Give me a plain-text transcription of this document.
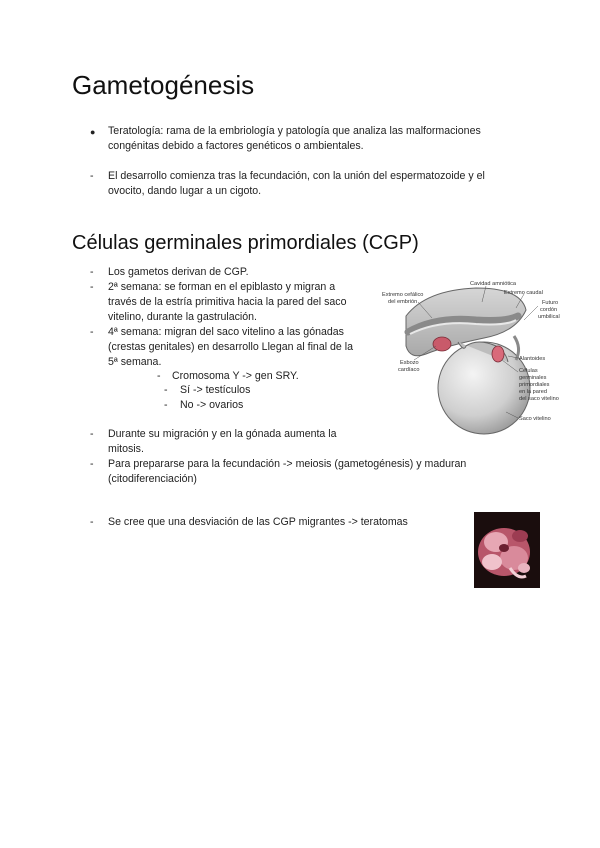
Gametogénesis
● Teratología: rama de la embriología y patología que analiza las malformaciones
congénitas debido a factores genéticos o ambientales.
- El desarrollo comienza tras la fecundación, con la unión del espermatozoide y el
ovocito, dando lugar a un cigoto.
Células germinales primordiales (CGP)
- Los gametos derivan de CGP.
- 2ª semana: se forman en el epiblasto y migran a
través de la estría primitiva hacia la pared del saco
vitelino, durante la gastrulación.
- 4ª semana: migran del saco vitelino a las gónadas
(crestas genitales) en desarrollo Llegan al final de la
5ª semana.
- Cromosoma Y -> gen SRY.
- Sí -> testículos
- No -> ovarios
- Durante su migración y en la gónada aumenta la
mitosis.
- Para prepararse para la fecundación -> meiosis (gametogénesis) y maduran
(citodiferenciación)
- Se cree que una desviación de las CGP migrantes -> teratomas
Cavidad amniótica
Extremo cefálico
del embrión
Extremo caudal
Futuro
cordón
umbilical
Esbozo
cardíaco
Alantoides
Células
germinales
primordiales
en la pared
del saco vitelino
Saco vitelino
